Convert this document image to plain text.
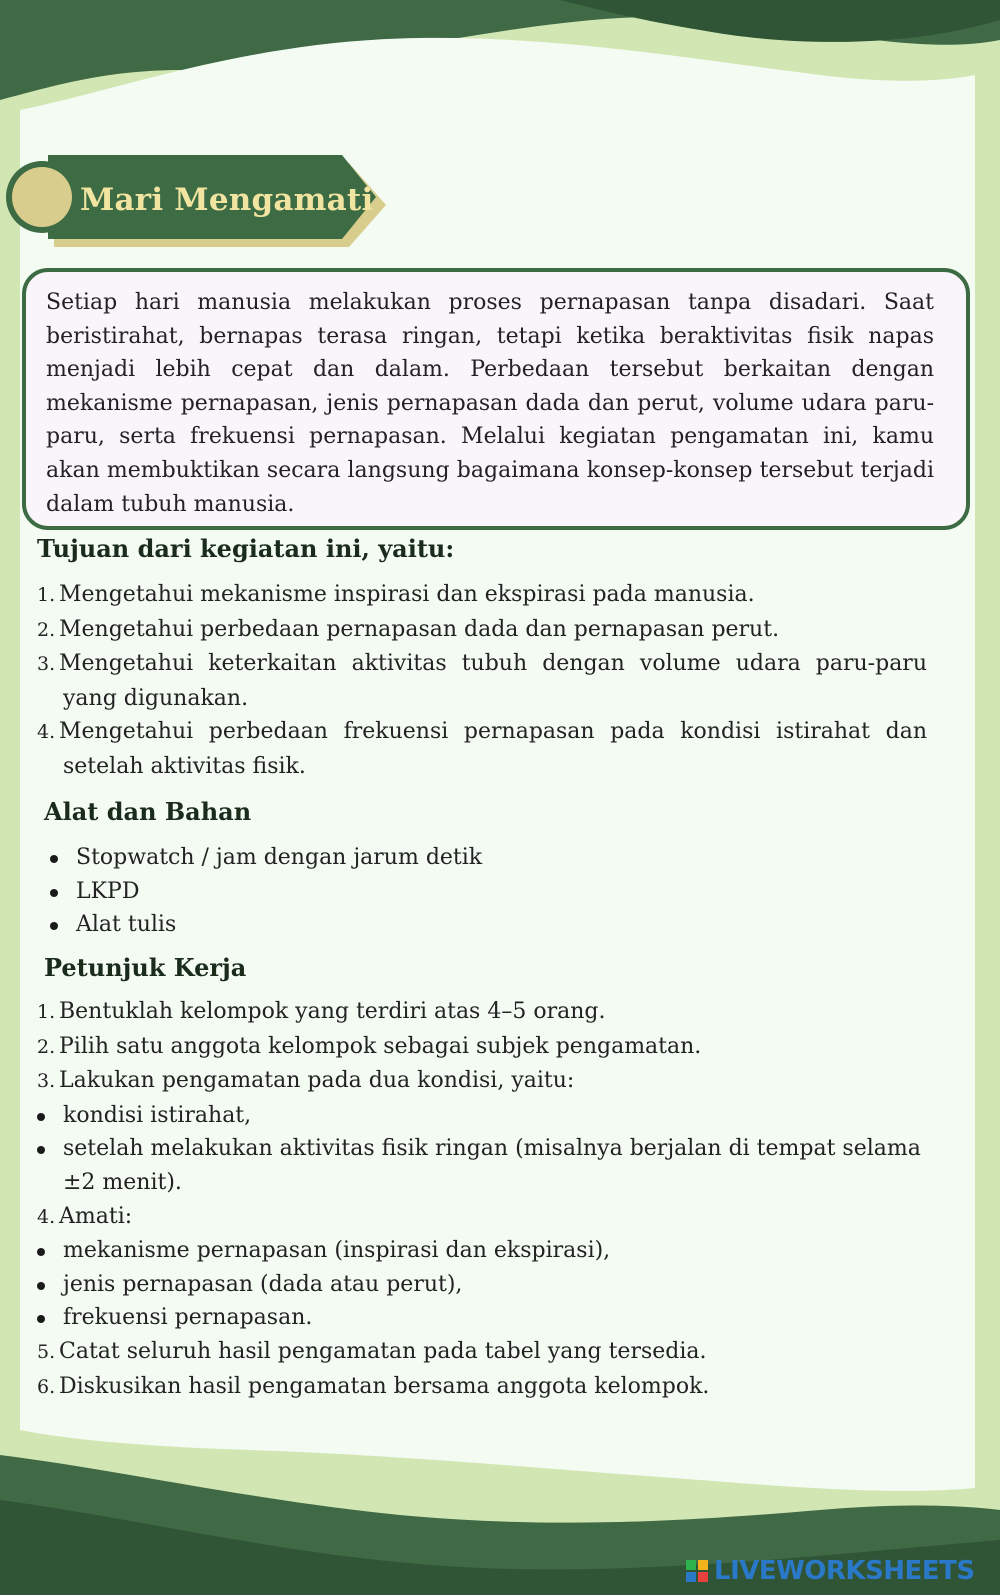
Mari Mengamati

Setiap hari manusia melakukan proses pernapasan tanpa disadari. Saat beristirahat, bernapas terasa ringan, tetapi ketika beraktivitas fisik napas menjadi lebih cepat dan dalam. Perbedaan tersebut berkaitan dengan mekanisme pernapasan, jenis pernapasan dada dan perut, volume udara paru-paru, serta frekuensi pernapasan. Melalui kegiatan pengamatan ini, kamu akan membuktikan secara langsung bagaimana konsep-konsep tersebut terjadi dalam tubuh manusia.

Tujuan dari kegiatan ini, yaitu:
1. Mengetahui mekanisme inspirasi dan ekspirasi pada manusia.
2. Mengetahui perbedaan pernapasan dada dan pernapasan perut.
3. Mengetahui keterkaitan aktivitas tubuh dengan volume udara paru-paru yang digunakan.
4. Mengetahui perbedaan frekuensi pernapasan pada kondisi istirahat dan setelah aktivitas fisik.
Alat dan Bahan
Stopwatch / jam dengan jarum detik
LKPD
Alat tulis
Petunjuk Kerja
1. Bentuklah kelompok yang terdiri atas 4–5 orang.
2. Pilih satu anggota kelompok sebagai subjek pengamatan.
3. Lakukan pengamatan pada dua kondisi, yaitu:
kondisi istirahat,
setelah melakukan aktivitas fisik ringan (misalnya berjalan di tempat selama ±2 menit).
4. Amati:
mekanisme pernapasan (inspirasi dan ekspirasi),
jenis pernapasan (dada atau perut),
frekuensi pernapasan.
5. Catat seluruh hasil pengamatan pada tabel yang tersedia.
6. Diskusikan hasil pengamatan bersama anggota kelompok.
LIVEWORKSHEETS
